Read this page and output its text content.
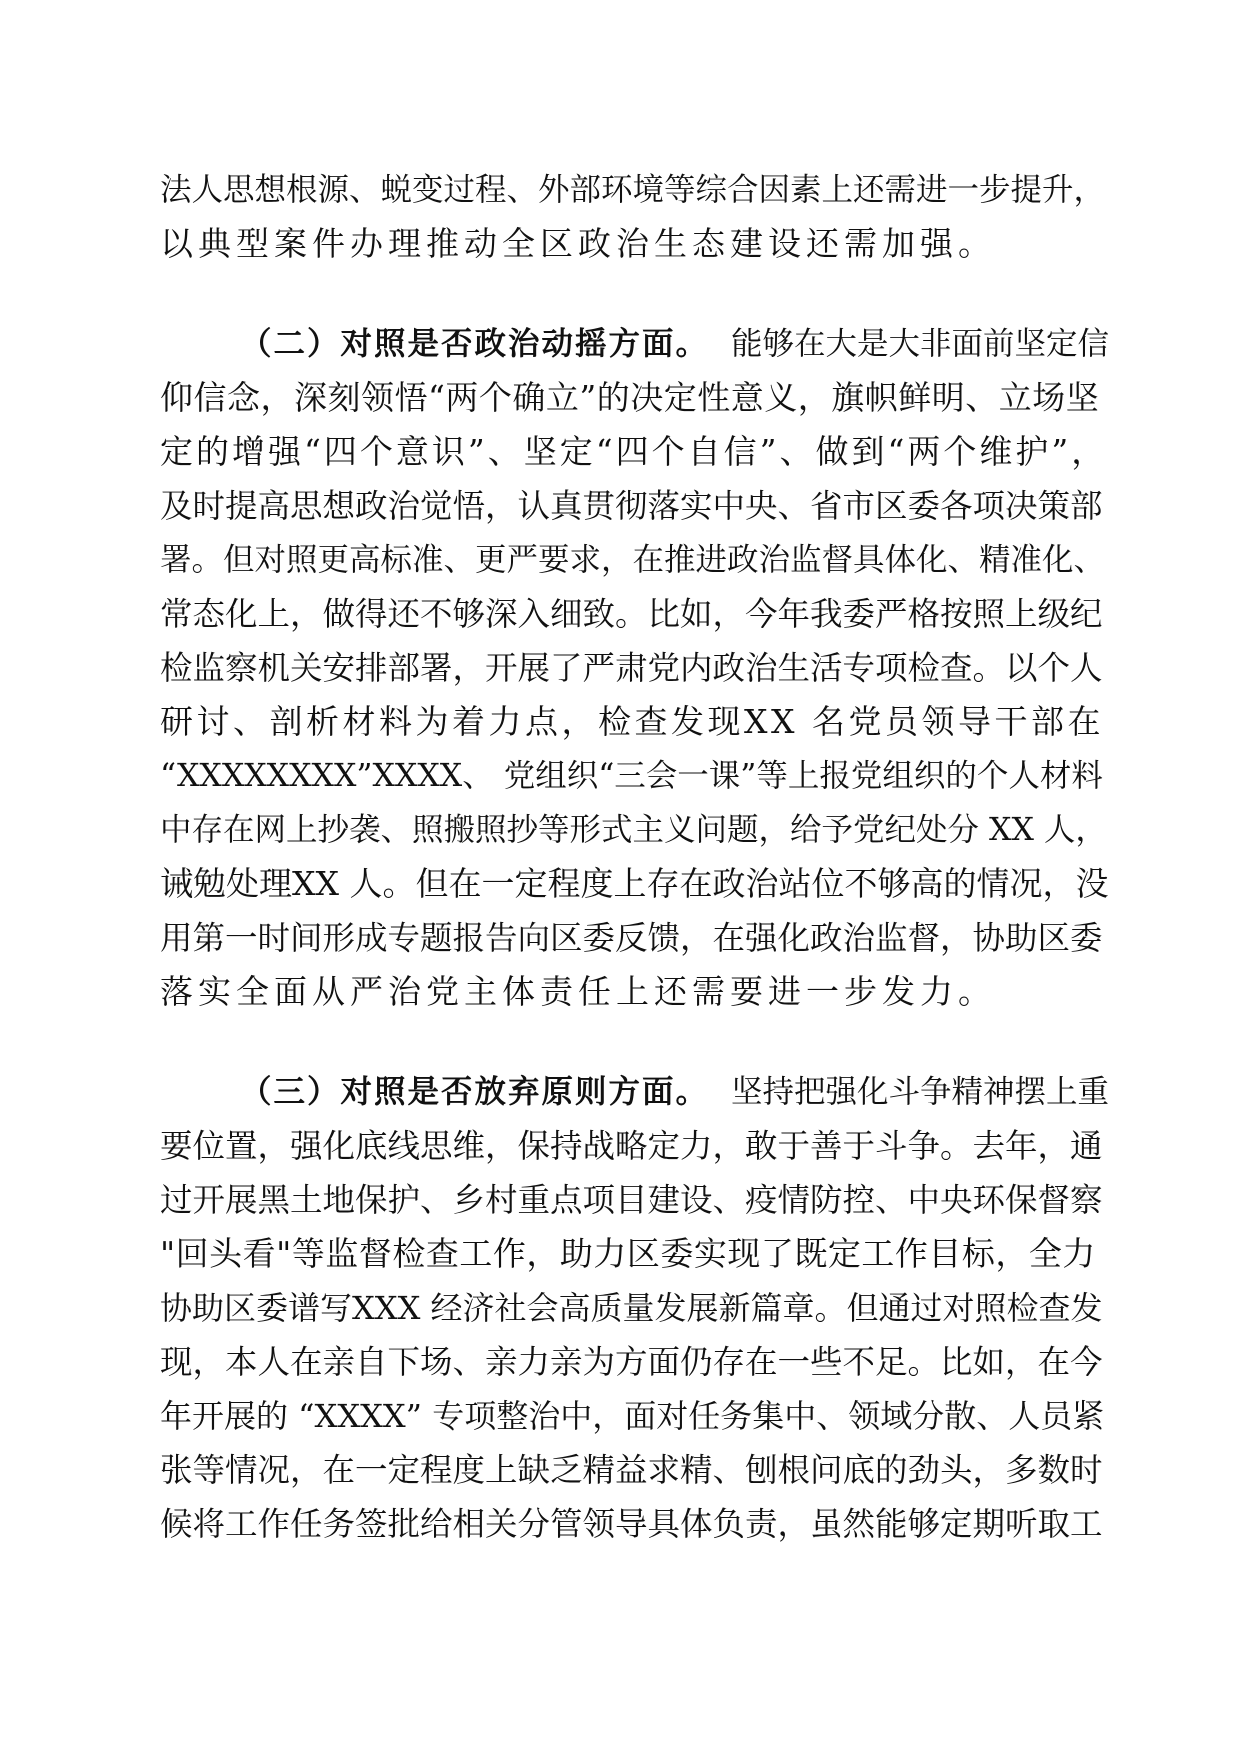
法人思想根源、蜕变过程、外部环境等综合因素上还需进一步提升，

以典型案件办理推动全区政治生态建设还需加强。

（二）对照是否政治动摇方面。 能够在大是大非面前坚定信

仰信念，深刻领悟“两个确立”的决定性意义，旗帜鲜明、立场坚

定的增强“四个意识”、坚定“四个自信”、做到“两个维护”，

及时提高思想政治觉悟，认真贯彻落实中央、省市区委各项决策部

署。但对照更高标准、更严要求，在推进政治监督具体化、精准化、

常态化上，做得还不够深入细致。比如，今年我委严格按照上级纪

检监察机关安排部署，开展了严肃党内政治生活专项检查。以个人

研讨、剖析材料为着力点，检查发现XX 名党员领导干部在

“XXXXXXXX”XXXX、 党组织“三会一课”等上报党组织的个人材料

中存在网上抄袭、照搬照抄等形式主义问题，给予党纪处分 XX 人，

诫勉处理XX 人。但在一定程度上存在政治站位不够高的情况，没

用第一时间形成专题报告向区委反馈，在强化政治监督，协助区委

落实全面从严治党主体责任上还需要进一步发力。

（三）对照是否放弃原则方面。 坚持把强化斗争精神摆上重

要位置，强化底线思维，保持战略定力，敢于善于斗争。去年，通

过开展黑土地保护、乡村重点项目建设、疫情防控、中央环保督察

"回头看"等监督检查工作，助力区委实现了既定工作目标，全力

协助区委谱写XXX 经济社会高质量发展新篇章。但通过对照检查发

现，本人在亲自下场、亲力亲为方面仍存在一些不足。比如，在今

年开展的 “XXXX” 专项整治中，面对任务集中、领域分散、人员紧

张等情况，在一定程度上缺乏精益求精、刨根问底的劲头，多数时

候将工作任务签批给相关分管领导具体负责，虽然能够定期听取工
